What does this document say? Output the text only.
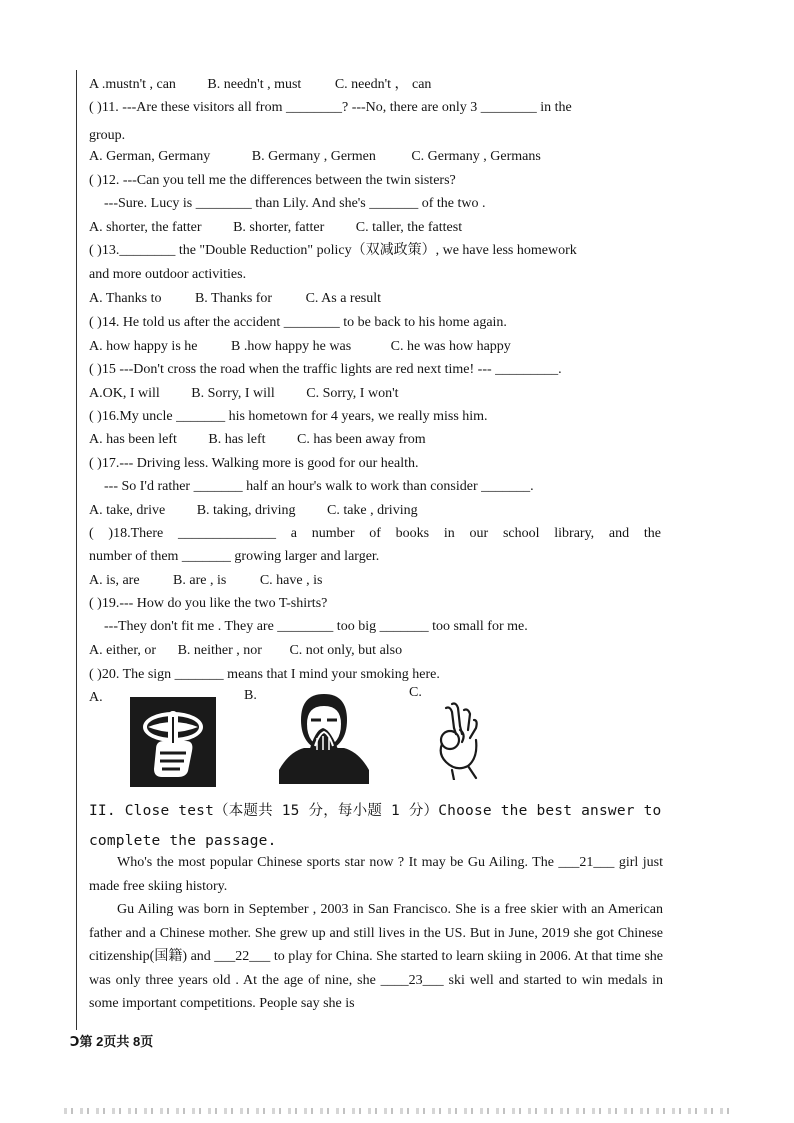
A .mustn't , can B. needn't , must C. needn't ， can
( )11. ---Are these visitors all from ________? ---No, there are only 3 ________ in the
group.
A. German, Germany	B. Germany , Germen	C. Germany , Germans
( )12. ---Can you tell me the differences between the twin sisters?
---Sure. Lucy is ________ than Lily. And she's _______ of the two .
A. shorter, the fatter B. shorter, fatter C. taller, the fattest
( )13.________ the "Double Reduction" policy（双减政策）, we have less homework
and more outdoor activities.
A. Thanks to B. Thanks for C. As a result
( )14. He told us after the accident ________ to be back to his home again.
A. how happy is he B .how happy he was	C. he was how happy
( )15 ---Don't cross the road when the traffic lights are red next time! --- _________.
A.OK, I will B. Sorry, I will C. Sorry, I won't
( )16.My uncle _______ his hometown for 4 years, we really miss him.
A. has been left B. has left C. has been away from
( )17.--- Driving less. Walking more is good for our health.
--- So I'd rather _______ half an hour's walk to work than consider _______.
A. take, drive B. taking, driving C. take , driving
( )18.There ______________ a number of books in our school library, and the
number of them _______ growing larger and larger.
A. is, are B. are , is C. have , is
( )19.--- How do you like the two T-shirts?
---They don't fit me . They are ________ too big _______ too small for me.
A. either, or B. neither , nor C. not only, but also
( )20. The sign _______ means that I mind your smoking here.
A.	B.	C.
II. Close test（本题共 15 分，每小题 1 分）Choose the best answer to
complete the passage.
Who's the most popular Chinese sports star now ? It may be Gu Ailing. The ___21___ girl just made free skiing history.
Gu Ailing was born in September , 2003 in San Francisco. She is a free skier with an American father and a Chinese mother. She grew up and still lives in the US. But in June, 2019 she got Chinese citizenship(国籍) and ___22___ to play for China. She started to learn skiing in 2006. At that time she was only three years old . At the age of nine, she ____23___ ski well and started to win medals in some important competitions. People say she is
Ↄ第 2页共 8页
